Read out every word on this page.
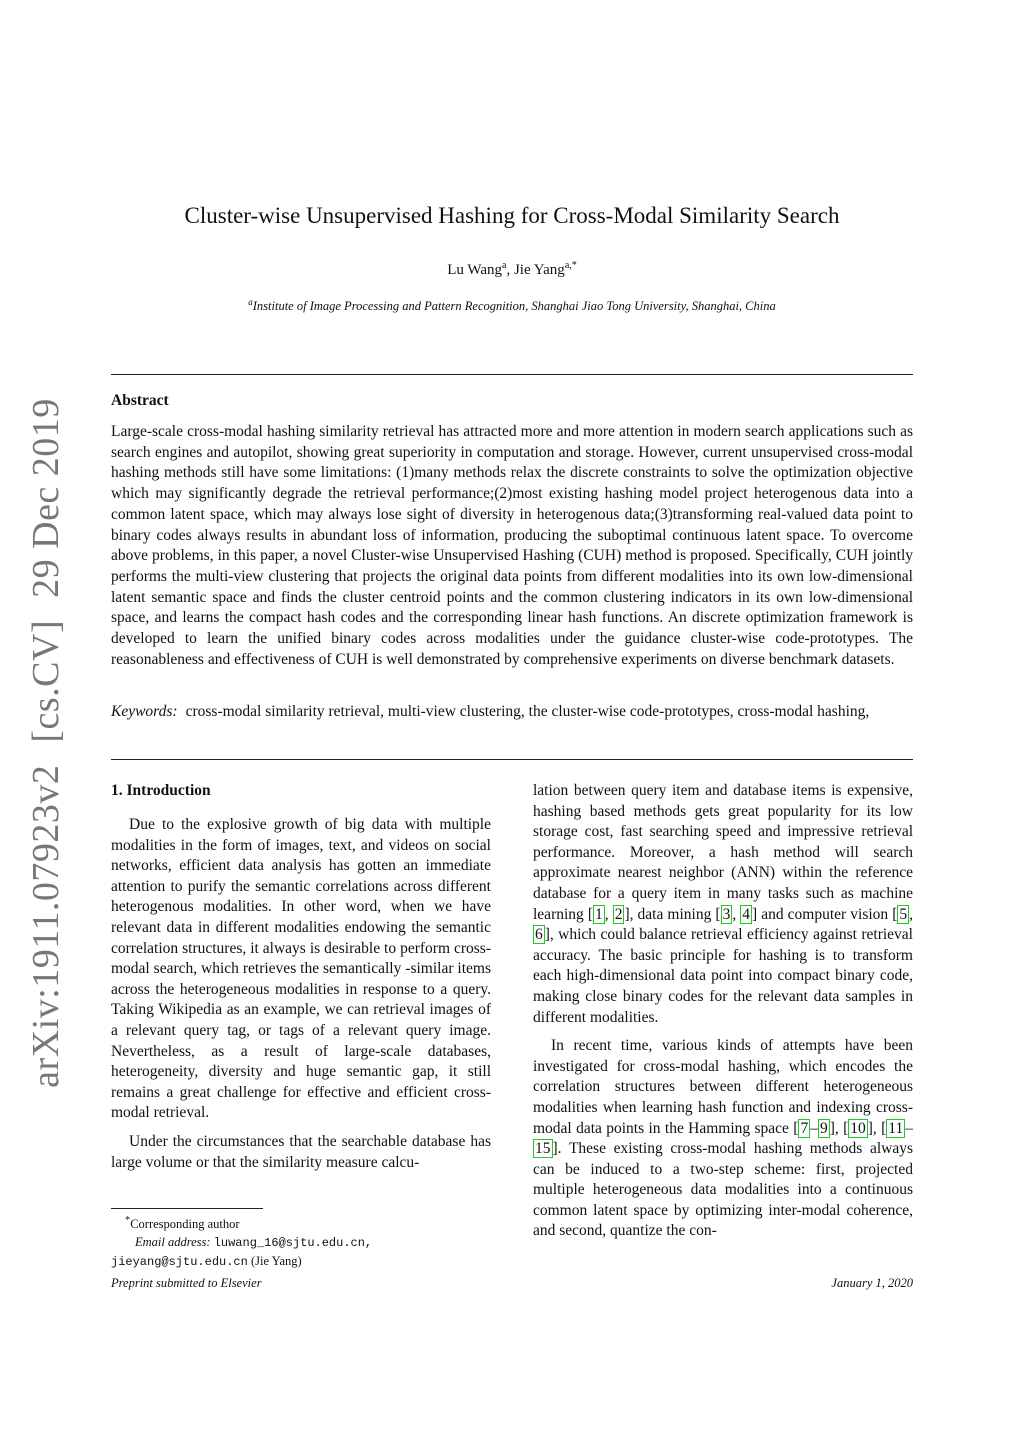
arXiv:1911.07923v2[cs.CV]29 Dec 2019
Cluster-wise Unsupervised Hashing for Cross-Modal Similarity Search
Lu Wang$^a$, Jie Yang$^{a,*}$
$^a$Institute of Image Processing and Pattern Recognition, Shanghai Jiao Tong University, Shanghai, China
Abstract
Large-scale cross-modal hashing similarity retrieval has attracted more and more attention in modern search applications such as search engines and autopilot, showing great superiority in computation and storage. However, current unsupervised cross-modal hashing methods still have some limitations: (1)many methods relax the discrete constraints to solve the optimization objective which may significantly degrade the retrieval performance;(2)most existing hashing model project heterogenous data into a common latent space, which may always lose sight of diversity in heterogenous data;(3)transforming real-valued data point to binary codes always results in abundant loss of information, producing the suboptimal continuous latent space. To overcome above problems, in this paper, a novel Cluster-wise Unsupervised Hashing (CUH) method is proposed. Specifically, CUH jointly performs the multi-view clustering that projects the original data points from different modalities into its own low-dimensional latent semantic space and finds the cluster centroid points and the common clustering indicators in its own low-dimensional space, and learns the compact hash codes and the corresponding linear hash functions. An discrete optimization framework is developed to learn the unified binary codes across modalities under the guidance cluster-wise code-prototypes. The reasonableness and effectiveness of CUH is well demonstrated by comprehensive experiments on diverse benchmark datasets.
Keywords: cross-modal similarity retrieval, multi-view clustering, the cluster-wise code-prototypes, cross-modal hashing,
1. Introduction

Due to the explosive growth of big data with multiple modalities in the form of images, text, and videos on social networks, efficient data analysis has gotten an immediate attention to purify the semantic correlations across different heterogenous modalities. In other word, when we have relevant data in different modalities endowing the semantic correlation structures, it always is desirable to perform cross-modal search, which retrieves the semantically -similar items across the heterogeneous modalities in response to a query. Taking Wikipedia as an example, we can retrieval images of a relevant query tag, or tags of a relevant query image. Nevertheless, as a result of large-scale databases, heterogeneity, diversity and huge semantic gap, it still remains a great challenge for effective and efficient cross-modal retrieval.

Under the circumstances that the searchable database has large volume or that the similarity measure calcu-

lation between query item and database items is expensive, hashing based methods gets great popularity for its low storage cost, fast searching speed and impressive retrieval performance. Moreover, a hash method will search approximate nearest neighbor (ANN) within the reference database for a query item in many tasks such as machine learning [ 1 , 2 ], data mining [ 3 , 4 ] and computer vision [ 5 , 6 ], which could balance retrieval efficiency against retrieval accuracy. The basic principle for hashing is to transform each high-dimensional data point into compact binary code, making close binary codes for the relevant data samples in different modalities.

In recent time, various kinds of attempts have been investigated for cross-modal hashing, which encodes the correlation structures between different heterogeneous modalities when learning hash function and indexing cross-modal data points in the Hamming space [ 7 – 9 ], [ 10 ], [ 11 –15 ]. These existing cross-modal hashing methods always can be induced to a two-step scheme: first, projected multiple heterogeneous data modalities into a continuous common latent space by optimizing inter-modal coherence, and second, quantize the con-

*Corresponding author
Email address: luwang_16@sjtu.edu.cn,
jieyang@sjtu.edu.cn (Jie Yang)
Preprint submitted to Elsevier	January 1, 2020
